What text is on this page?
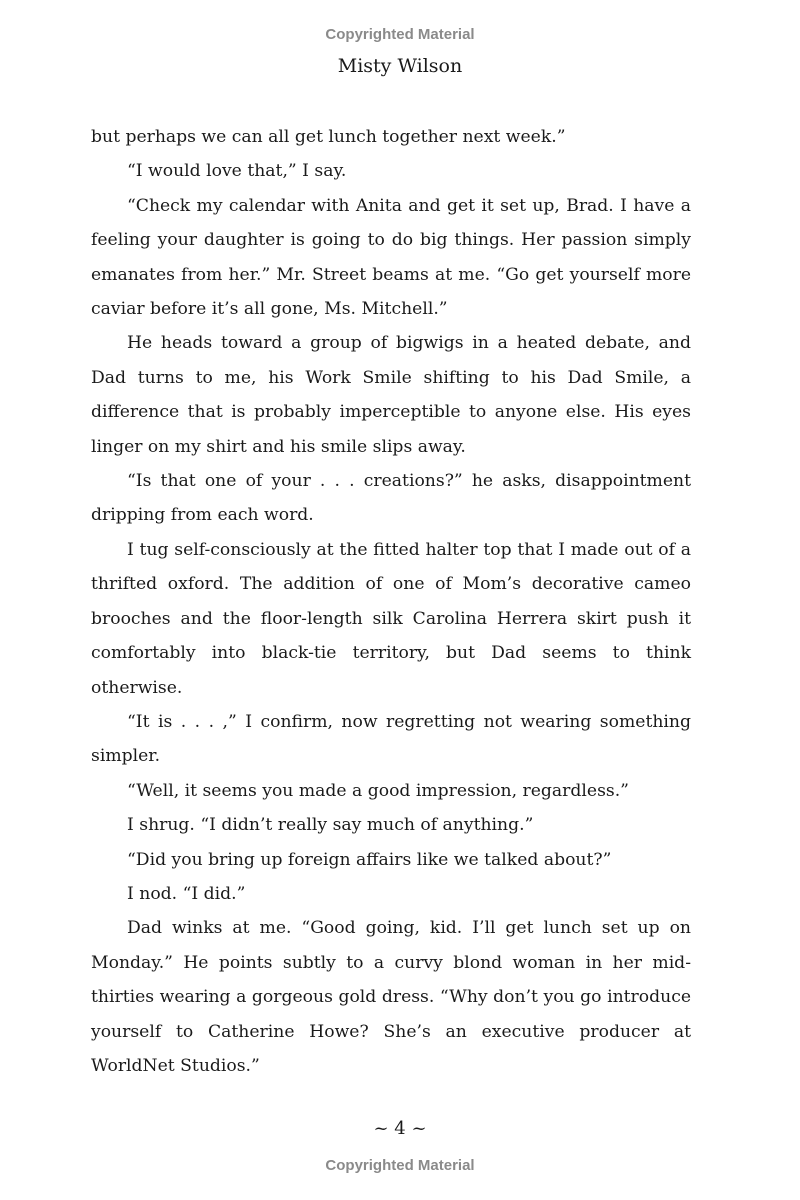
Copyrighted Material
Misty Wilson

but perhaps we can all get lunch together next week.”

“I would love that,” I say.

“Check my calendar with Anita and get it set up, Brad. I have a feeling your daughter is going to do big things. Her passion simply emanates from her.” Mr. Street beams at me. “Go get yourself more caviar before it’s all gone, Ms. Mitchell.”

He heads toward a group of bigwigs in a heated debate, and Dad turns to me, his Work Smile shifting to his Dad Smile, a difference that is probably imperceptible to anyone else. His eyes linger on my shirt and his smile slips away.

“Is that one of your . . . creations?” he asks, disappointment dripping from each word.

I tug self-consciously at the fitted halter top that I made out of a thrifted oxford. The addition of one of Mom’s decorative cameo brooches and the floor-length silk Carolina Herrera skirt push it comfortably into black-tie territory, but Dad seems to think otherwise.

“It is . . . ,” I confirm, now regretting not wearing something simpler.

“Well, it seems you made a good impression, regardless.”

I shrug. “I didn’t really say much of anything.”

“Did you bring up foreign affairs like we talked about?”

I nod. “I did.”

Dad winks at me. “Good going, kid. I’ll get lunch set up on Monday.” He points subtly to a curvy blond woman in her mid-thirties wearing a gorgeous gold dress. “Why don’t you go introduce yourself to Catherine Howe? She’s an executive producer at WorldNet Studios.”

~ 4 ~
Copyrighted Material
